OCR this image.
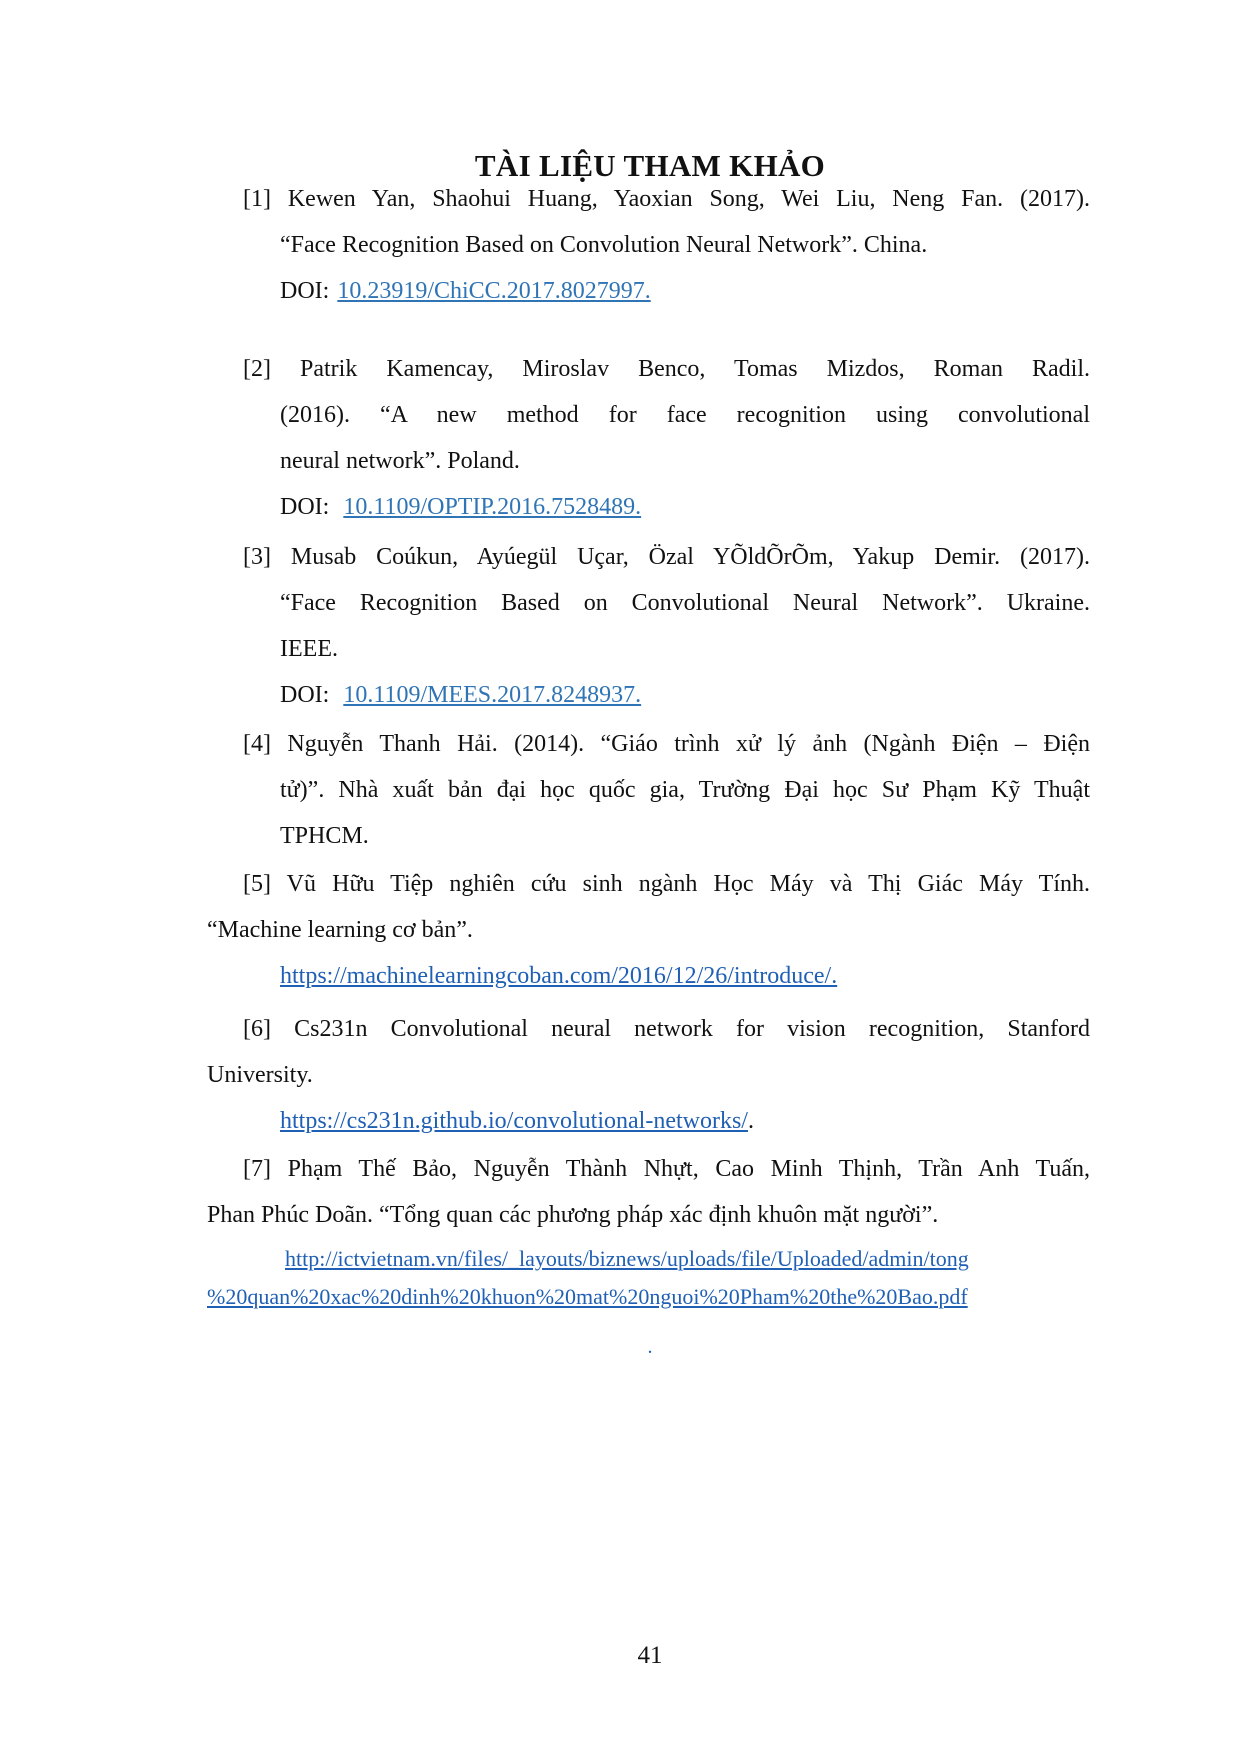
TÀI LIỆU THAM KHẢO
[1] Kewen Yan, Shaohui Huang, Yaoxian Song, Wei Liu, Neng Fan. (2017).
“Face Recognition Based on Convolution Neural Network”. China.
DOI: 10.23919/ChiCC.2017.8027997.
[2] Patrik Kamencay, Miroslav Benco, Tomas Mizdos, Roman Radil.
(2016). “A new method for face recognition using convolutional
neural network”. Poland.
DOI: 10.1109/OPTIP.2016.7528489.
[3] Musab Coúkun, Ayúegül Uçar, Özal YÕldÕrÕm, Yakup Demir. (2017).
“Face Recognition Based on Convolutional Neural Network”. Ukraine.
IEEE.
DOI: 10.1109/MEES.2017.8248937.
[4] Nguyễn Thanh Hải. (2014). “Giáo trình xử lý ảnh (Ngành Điện – Điện
tử)”. Nhà xuất bản đại học quốc gia, Trường Đại học Sư Phạm Kỹ Thuật
TPHCM.
[5] Vũ Hữu Tiệp nghiên cứu sinh ngành Học Máy và Thị Giác Máy Tính.
“Machine learning cơ bản”.
https://machinelearningcoban.com/2016/12/26/introduce/.
[6] Cs231n Convolutional neural network for vision recognition, Stanford
University.
https://cs231n.github.io/convolutional-networks/.
[7] Phạm Thế Bảo, Nguyễn Thành Nhựt, Cao Minh Thịnh, Trần Anh Tuấn,
Phan Phúc Doãn. “Tổng quan các phương pháp xác định khuôn mặt người”.
http://ictvietnam.vn/files/_layouts/biznews/uploads/file/Uploaded/admin/tong
%20quan%20xac%20dinh%20khuon%20mat%20nguoi%20Pham%20the%20Bao.pdf
.
41
